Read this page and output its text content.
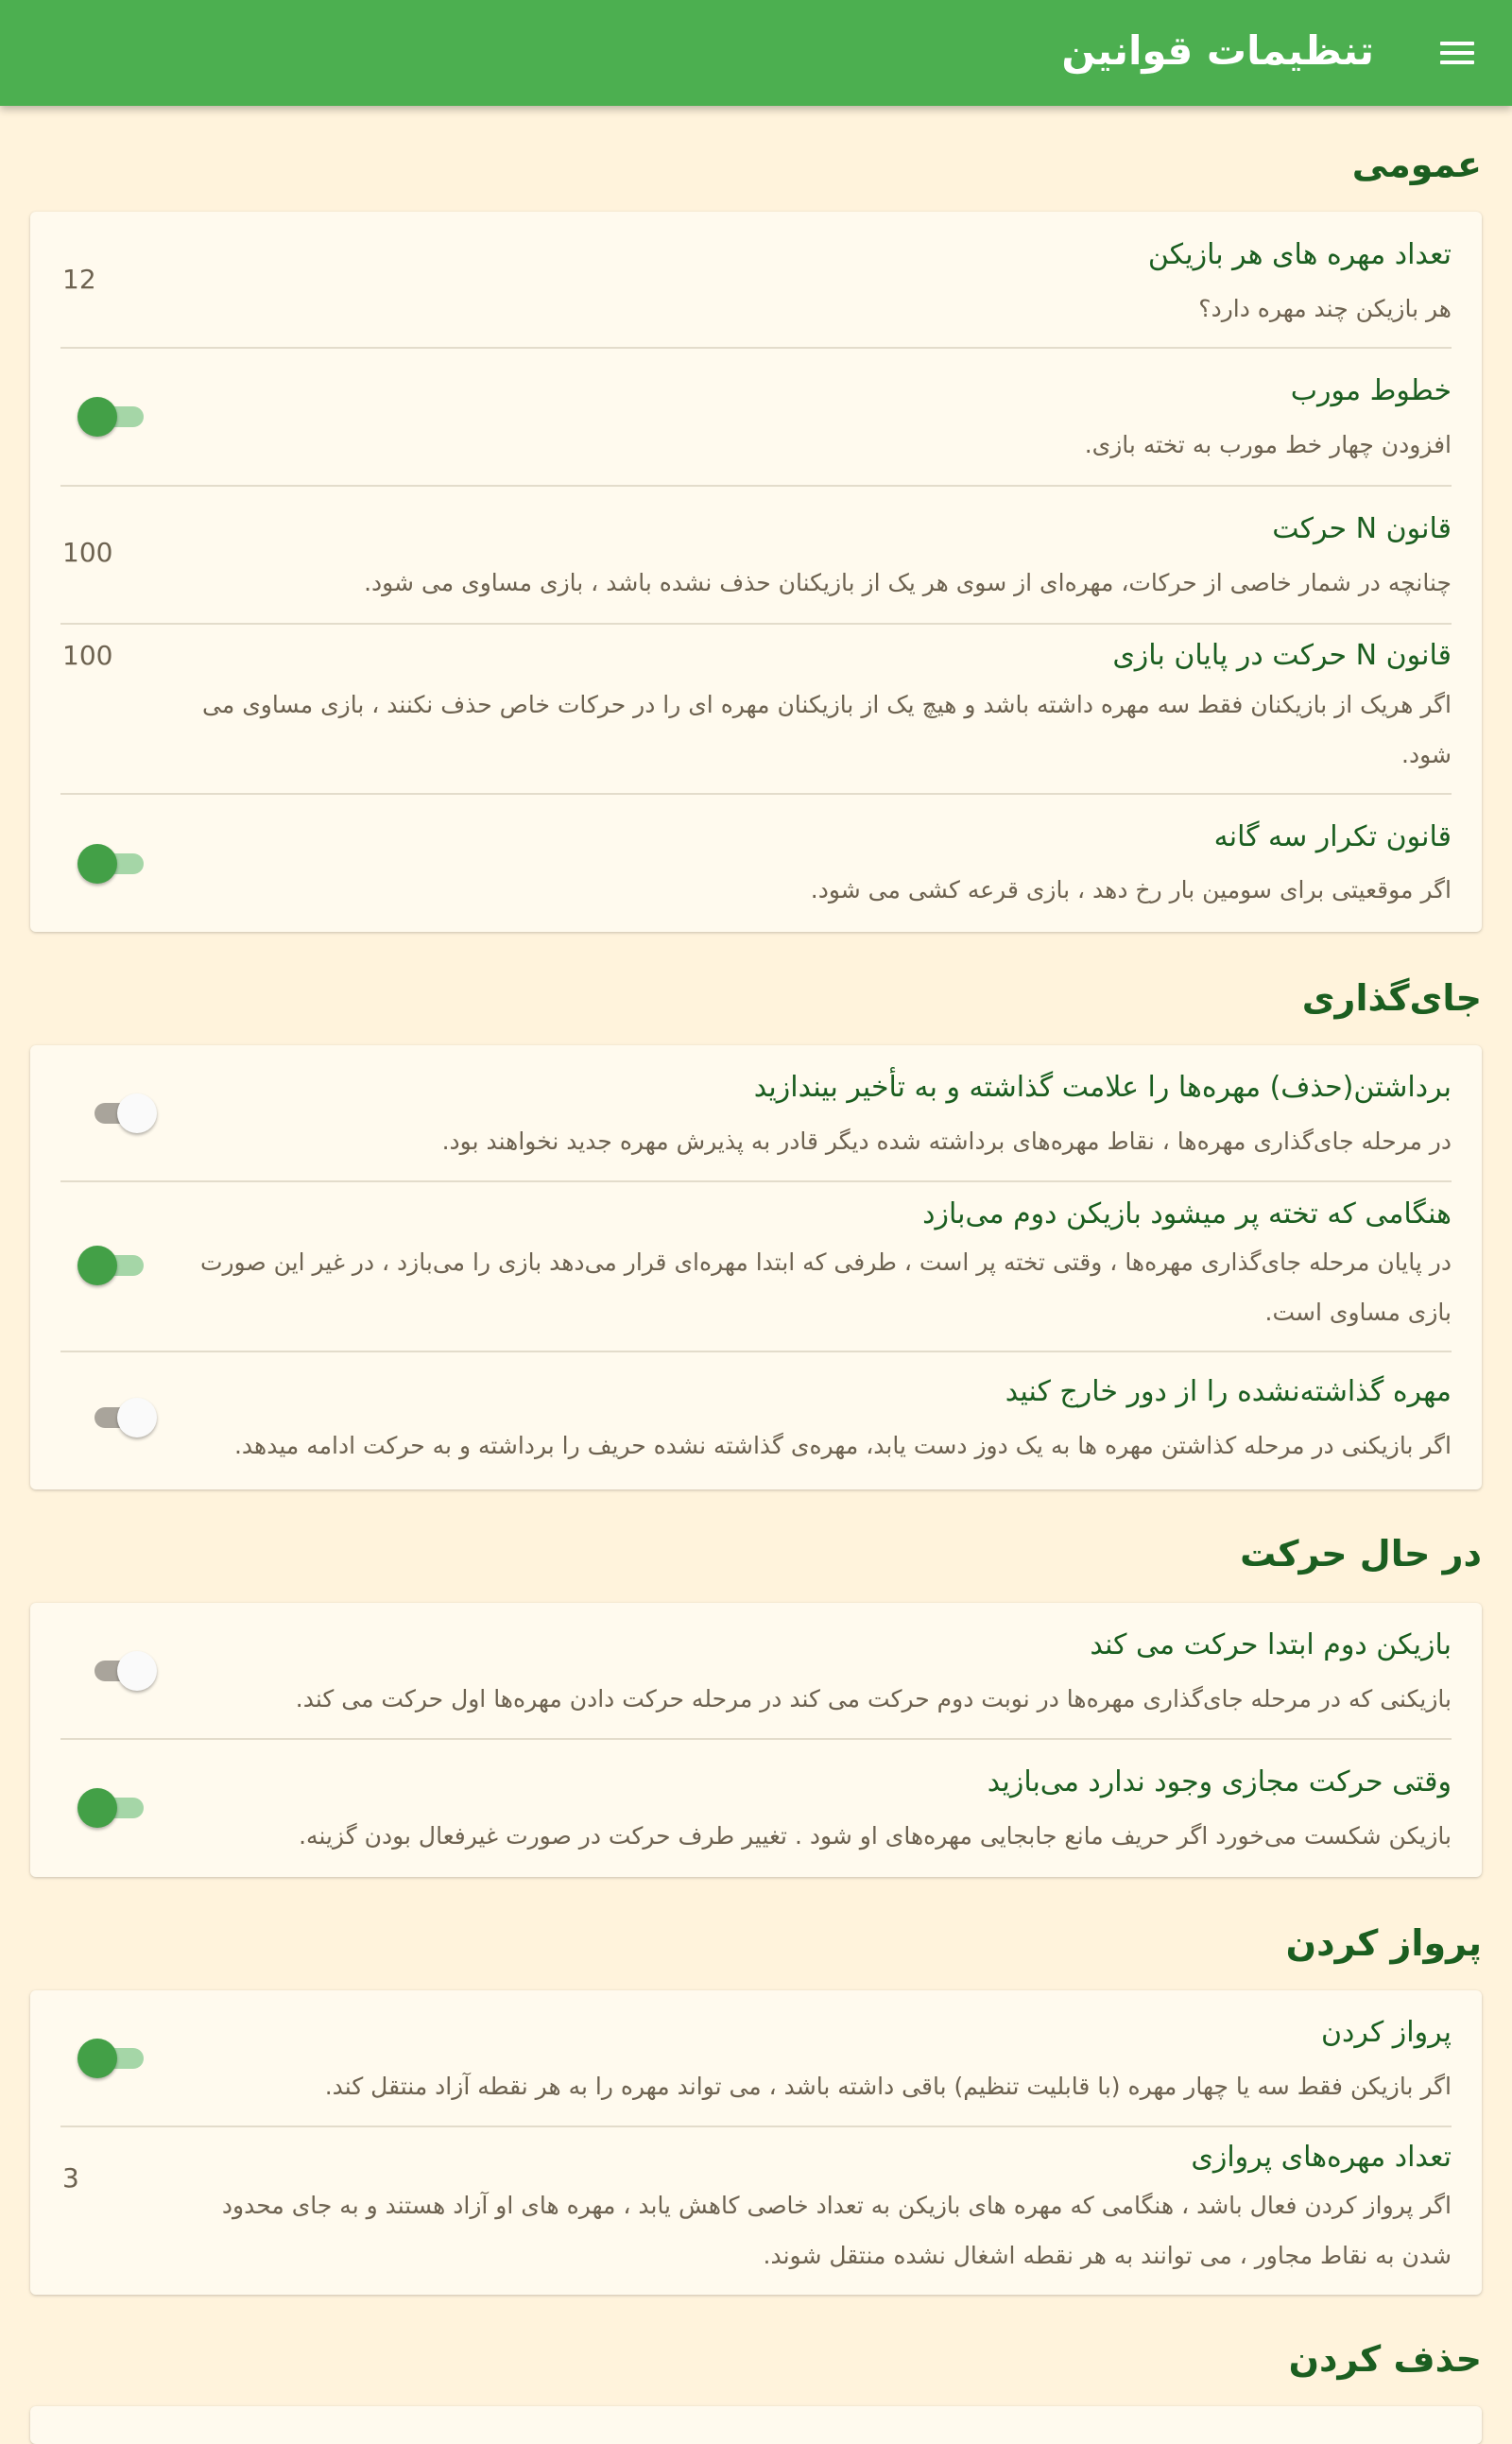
تنظیمات قوانین
عمومی
تعداد مهره های هر بازیکن
هر بازیکن چند مهره دارد؟
12
خطوط مورب
افزودن چهار خط مورب به تخته بازی.
قانون N حرکت
چنانچه در شمار خاصی از حرکات، مهره‌ای از سوی هر یک از بازیکنان حذف نشده باشد ، بازی مساوی می شود.
100
قانون N حرکت در پایان بازی
اگر هریک از بازیکنان فقط سه مهره داشته باشد و هیچ یک از بازیکنان مهره ای را در حرکات خاص حذف نکنند ، بازی مساوی می شود.
100
قانون تکرار سه گانه
اگر موقعیتی برای سومین بار رخ دهد ، بازی قرعه کشی می شود.
جای‌گذاری
برداشتن(حذف) مهره‌ها را علامت گذاشته و به تأخیر بیندازید
در مرحله جای‌گذاری مهره‌ها ، نقاط مهره‌های برداشته شده دیگر قادر به پذیرش مهره جدید نخواهند بود.
هنگامی که تخته پر میشود بازیکن دوم می‌بازد
در پایان مرحله جای‌گذاری مهره‌ها ، وقتی تخته پر است ، طرفی که ابتدا مهره‌ای قرار می‌دهد بازی را می‌بازد ، در غیر این صورت بازی مساوی است.
مهره گذاشته‌نشده را از دور خارج کنید
اگر بازیکنی در مرحله کذاشتن مهره ها به یک دوز دست یابد، مهره‌ی گذاشته نشده حریف را برداشته و به حرکت ادامه میدهد.
در حال حرکت
بازیکن دوم ابتدا حرکت می کند
بازیکنی که در مرحله جای‌گذاری مهره‌ها در نوبت دوم حرکت می کند در مرحله حرکت دادن مهره‌ها اول حرکت می کند.
وقتی حرکت مجازی وجود ندارد می‌بازید
بازیکن شکست می‌خورد اگر حریف مانع جابجایی مهره‌های او شود . تغییر طرف حرکت در صورت غیرفعال بودن گزینه.
پرواز کردن
پرواز کردن
اگر بازیکن فقط سه یا چهار مهره (با قابلیت تنظیم) باقی داشته باشد ، می تواند مهره را به هر نقطه آزاد منتقل کند.
تعداد مهره‌های پروازی
اگر پرواز کردن فعال باشد ، هنگامی که مهره های بازیکن به تعداد خاصی کاهش یابد ، مهره های او آزاد هستند و به جای محدود شدن به نقاط مجاور ، می توانند به هر نقطه اشغال نشده منتقل شوند.
3
حذف کردن
